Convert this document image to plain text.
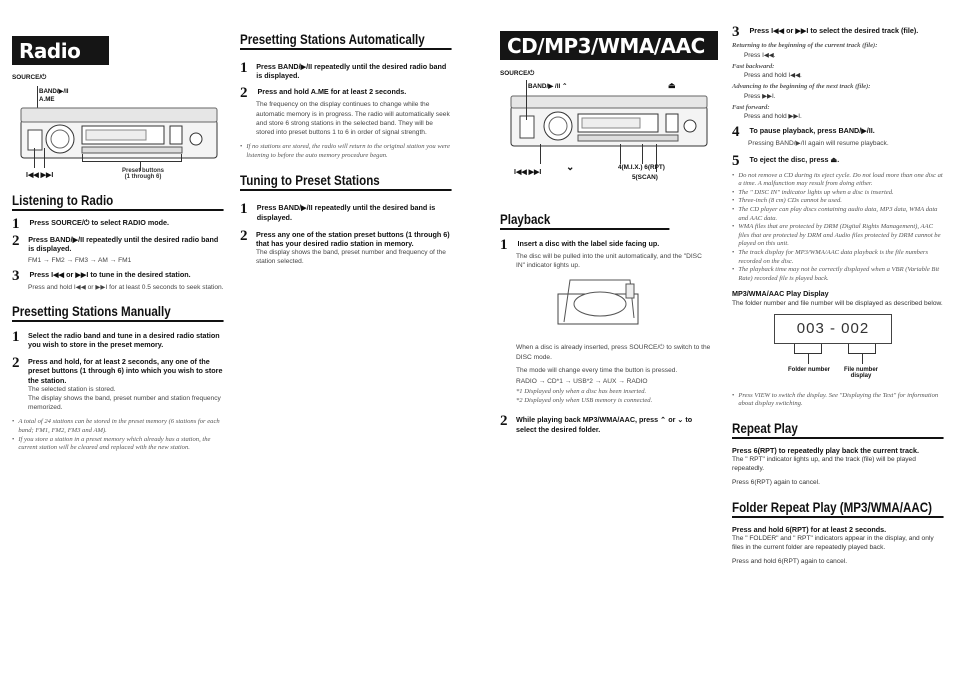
Radio
SOURCE/⏻
BAND/▶/II
A.ME
I◀◀ ▶▶I
Preset buttons
(1 through 6)
Listening to Radio
1 Press SOURCE/⏻ to select RADIO mode.
2 Press BAND/▶/II repeatedly until the desired radio band is displayed.
FM1 → FM2 → FM3 → AM → FM1
3 Press I◀◀ or ▶▶I to tune in the desired station.
Press and hold I◀◀ or ▶▶I for at least 0.5 seconds to seek station.
Presetting Stations Manually
1 Select the radio band and tune in a desired radio station you wish to store in the preset memory.
2 Press and hold, for at least 2 seconds, any one of the preset buttons (1 through 6) into which you wish to store the station.
The selected station is stored.
The display shows the band, preset number and station frequency memorized.
• A total of 24 stations can be stored in the preset memory (6 stations for each band; FM1, FM2, FM3 and AM).
• If you store a station in a preset memory which already has a station, the current station will be cleared and replaced with the new station.
Presetting Stations Automatically
1 Press BAND/▶/II repeatedly until the desired radio band is displayed.
2 Press and hold A.ME for at least 2 seconds.
The frequency on the display continues to change while the automatic memory is in progress. The radio will automatically seek and store 6 strong stations in the selected band. They will be stored into preset buttons 1 to 6 in order of signal strength.
• If no stations are stored, the radio will return to the original station you were listening to before the auto memory procedure began.
Tuning to Preset Stations
1 Press BAND/▶/II repeatedly until the desired band is displayed.
2 Press any one of the station preset buttons (1 through 6) that has your desired radio station in memory.
The display shows the band, preset number and frequency of the station selected.
CD/MP3/WMA/AAC
SOURCE/⏻
BAND/▶ /II ⌃	⏏
I◀◀ ▶▶I ⌄	4(M.I.X.) 6(RPT)
5(SCAN)
Playback
1 Insert a disc with the label side facing up.
The disc will be pulled into the unit automatically, and the "DISC IN" indicator lights up.
When a disc is already inserted, press SOURCE/⏻ to switch to the DISC mode.
The mode will change every time the button is pressed.
RADIO → CD*1 → USB*2 → AUX → RADIO
*1 Displayed only when a disc has been inserted.
*2 Displayed only when USB memory is connected.
2 While playing back MP3/WMA/AAC, press ⌃ or ⌄ to select the desired folder.
3 Press I◀◀ or ▶▶I to select the desired track (file).
Returning to the beginning of the current track (file):
Press I◀◀.
Fast backward:
Press and hold I◀◀.
Advancing to the beginning of the next track (file):
Press ▶▶I.
Fast forward:
Press and hold ▶▶I.
4 To pause playback, press BAND/▶/II.
Pressing BAND/▶/II again will resume playback.
5 To eject the disc, press ⏏.
• Do not remove a CD during its eject cycle. Do not load more than one disc at a time. A malfunction may result from doing either.
• The " DISC IN" indicator lights up when a disc is inserted.
• Three-inch (8 cm) CDs cannot be used.
• The CD player can play discs containing audio data, MP3 data, WMA data and AAC data.
• WMA files that are protected by DRM (Digital Rights Management), AAC files that are protected by DRM and Audio files protected by DRM cannot be played on this unit.
• The track display for MP3/WMA/AAC data playback is the file numbers recorded on the disc.
• The playback time may not be correctly displayed when a VBR (Variable Bit Rate) recorded file is played back.
MP3/WMA/AAC Play Display
The folder number and file number will be displayed as described below.
003 - 002
Folder number File number
display
• Press VIEW to switch the display. See "Displaying the Text" for information about display switching.
Repeat Play
Press 6(RPT) to repeatedly play back the current track.
The " RPT" indicator lights up, and the track (file) will be played repeatedly.
Press 6(RPT) again to cancel.
Folder Repeat Play (MP3/WMA/AAC)
Press and hold 6(RPT) for at least 2 seconds.
The " FOLDER" and " RPT" indicators appear in the display, and only files in the current folder are repeatedly played back.
Press and hold 6(RPT) again to cancel.
